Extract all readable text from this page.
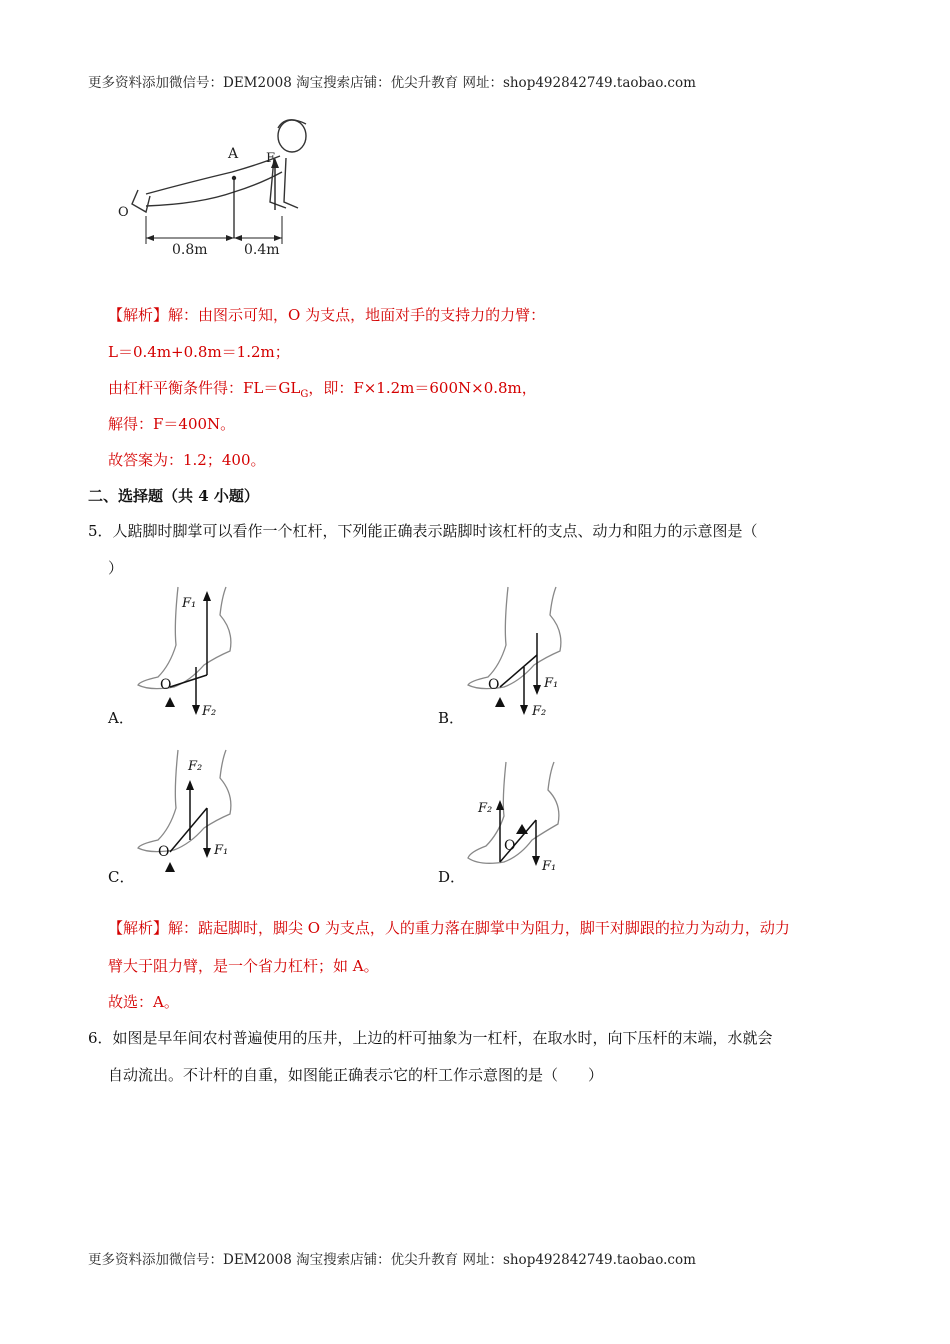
更多资料添加微信号：DEM2008 淘宝搜索店铺：优尖升教育 网址：shop492842749.taobao.com
A
O
F
0.8m	0.4m
【解析】解：由图示可知，O 为支点，地面对手的支持力的力臂：
L＝0.4m+0.8m＝1.2m；
由杠杆平衡条件得：$FL=GL_G$，即：F×1.2m＝600N×0.8m，
解得：F＝400N。
故答案为：1.2；400。
二、选择题（共 4 小题）
5．人踮脚时脚掌可以看作一个杠杆，下列能正确表示踮脚时该杠杆的支点、动力和阻力的示意图是（
）
F₁
F₂
O
A．
F₁
F₂
O
B．
F₂
F₁
O
C．
F₂
F₁
O
D．
【解析】解：踮起脚时，脚尖 O 为支点，人的重力落在脚掌中为阻力，脚干对脚跟的拉力为动力，动力
臂大于阻力臂，是一个省力杠杆；如 A。
故选：A。
6．如图是早年间农村普遍使用的压井，上边的杆可抽象为一杠杆，在取水时，向下压杆的末端，水就会
自动流出。不计杆的自重，如图能正确表示它的杆工作示意图的是（　　）
更多资料添加微信号：DEM2008 淘宝搜索店铺：优尖升教育 网址：shop492842749.taobao.com
